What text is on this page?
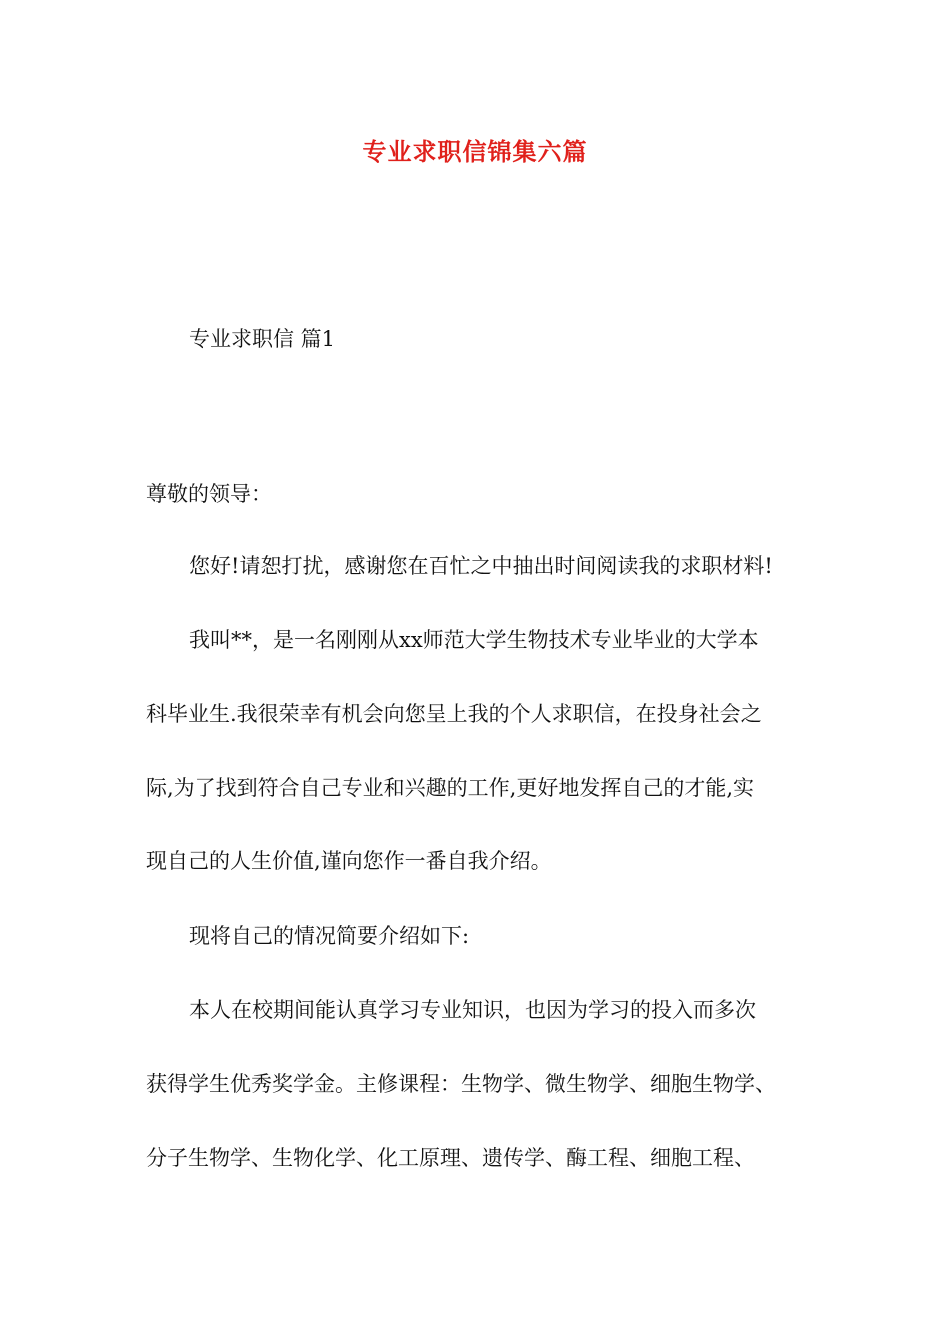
专业求职信锦集六篇
专业求职信 篇1
尊敬的领导：
您好!请恕打扰，感谢您在百忙之中抽出时间阅读我的求职材料!
我叫**，是一名刚刚从xx师范大学生物技术专业毕业的大学本
科毕业生.我很荣幸有机会向您呈上我的个人求职信，在投身社会之
际,为了找到符合自己专业和兴趣的工作,更好地发挥自己的才能,实
现自己的人生价值,谨向您作一番自我介绍。
现将自己的情况简要介绍如下:
本人在校期间能认真学习专业知识，也因为学习的投入而多次
获得学生优秀奖学金。主修课程：生物学、微生物学、细胞生物学、
分子生物学、生物化学、化工原理、遗传学、酶工程、细胞工程、
